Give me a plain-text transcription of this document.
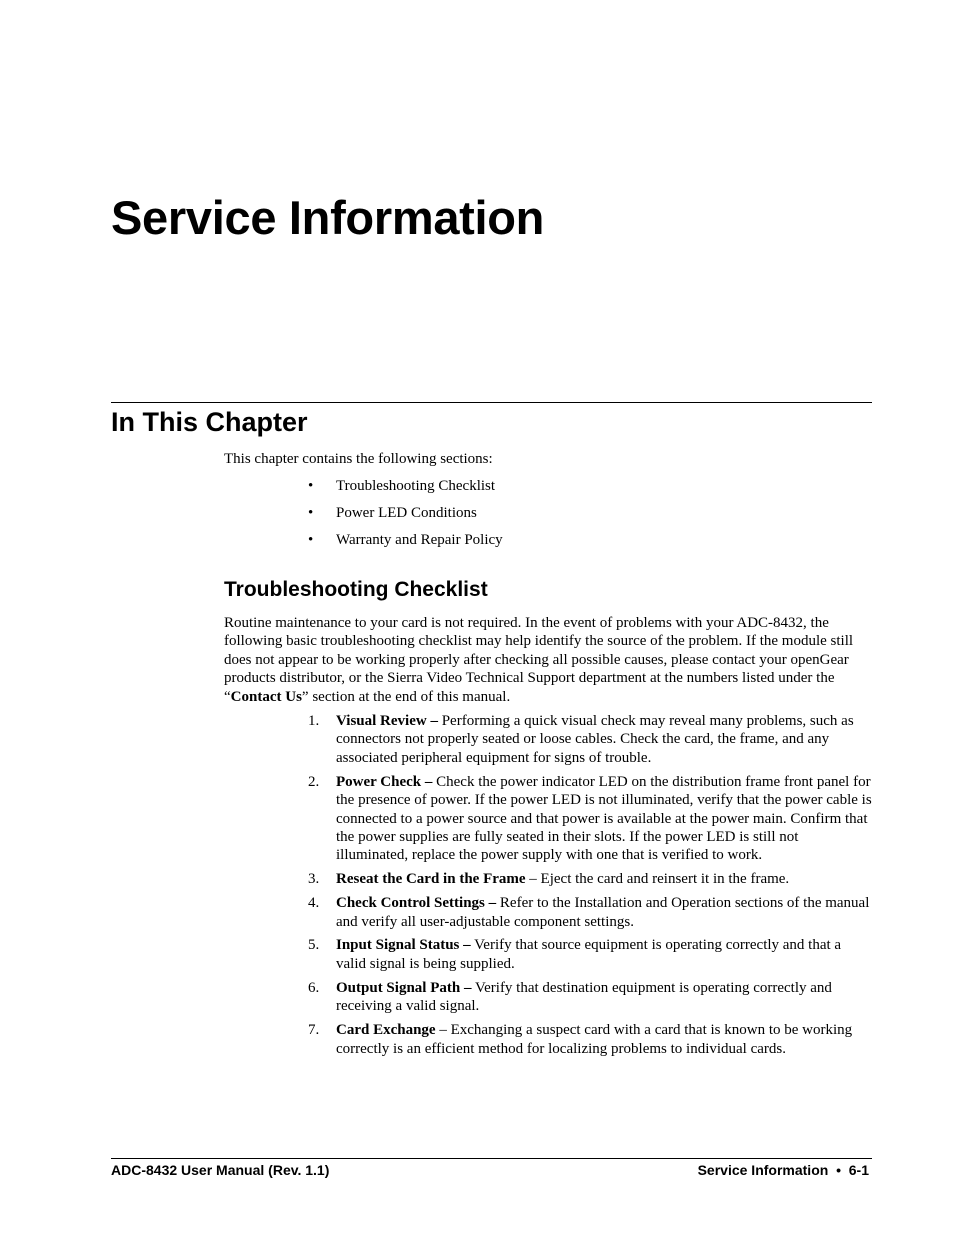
Service Information
In This Chapter

This chapter contains the following sections:

• Troubleshooting Checklist
• Power LED Conditions
• Warranty and Repair Policy
Troubleshooting Checklist

Routine maintenance to your card is not required. In the event of problems with your ADC-8432, the following basic troubleshooting checklist may help identify the source of the problem. If the module still does not appear to be working properly after checking all possible causes, please contact your openGear products distributor, or the Sierra Video Technical Support department at the numbers listed under the “Contact Us” section at the end of this manual.

1. Visual Review – Performing a quick visual check may reveal many problems, such as connectors not properly seated or loose cables. Check the card, the frame, and any associated peripheral equipment for signs of trouble.
2. Power Check – Check the power indicator LED on the distribution frame front panel for the presence of power. If the power LED is not illuminated, verify that the power cable is connected to a power source and that power is available at the power main. Confirm that the power supplies are fully seated in their slots. If the power LED is still not illuminated, replace the power supply with one that is verified to work.
3. Reseat the Card in the Frame – Eject the card and reinsert it in the frame.
4. Check Control Settings – Refer to the Installation and Operation sections of the manual and verify all user-adjustable component settings.
5. Input Signal Status – Verify that source equipment is operating correctly and that a valid signal is being supplied.
6. Output Signal Path – Verify that destination equipment is operating correctly and receiving a valid signal.
7. Card Exchange – Exchanging a suspect card with a card that is known to be working correctly is an efficient method for localizing problems to individual cards.
ADC-8432 User Manual (Rev. 1.1)	Service Information  •  6-1
